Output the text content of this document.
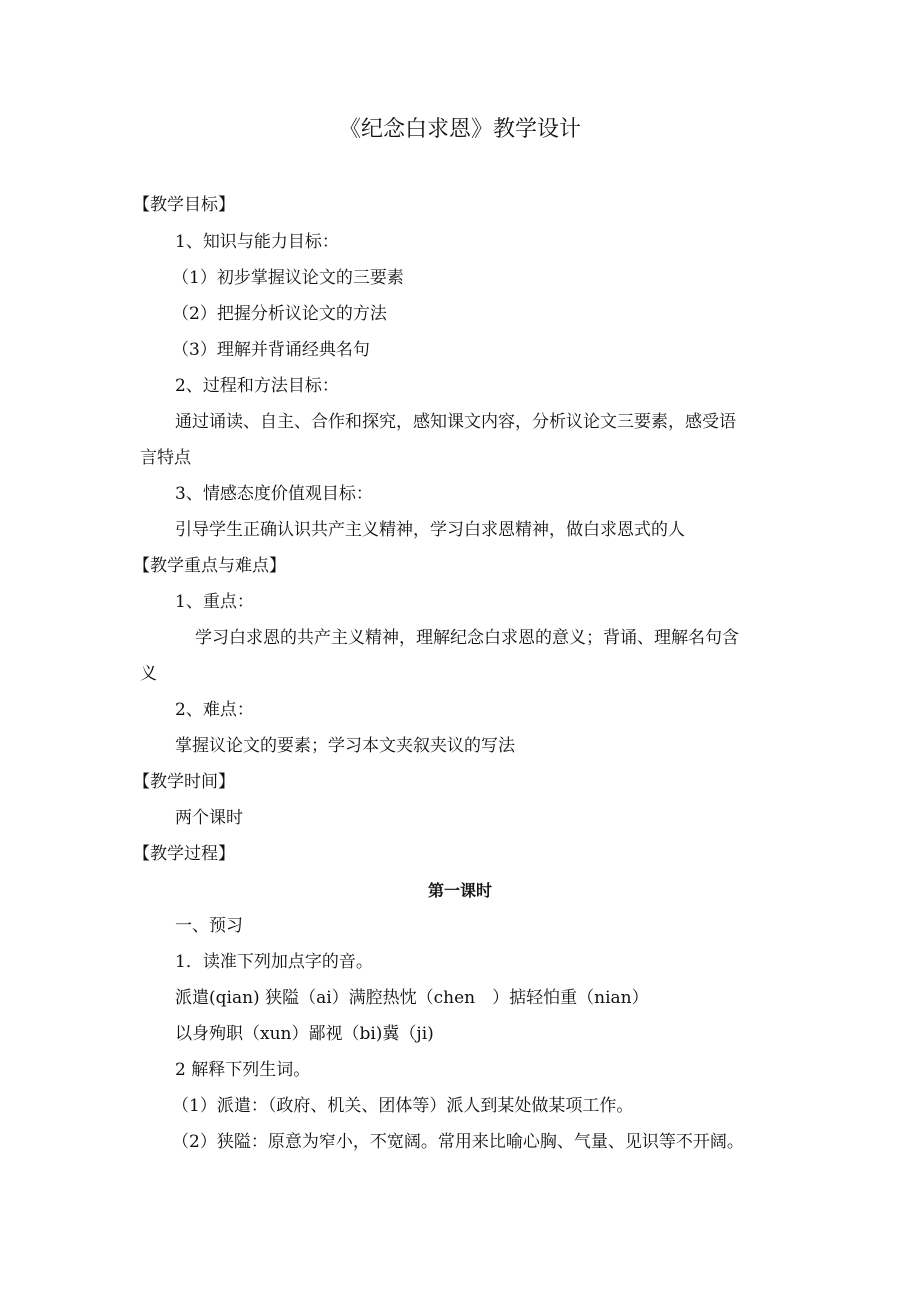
《纪念白求恩》教学设计
【教学目标】
1、知识与能力目标：
（1）初步掌握议论文的三要素
（2）把握分析议论文的方法
（3）理解并背诵经典名句
2、过程和方法目标：
通过诵读、自主、合作和探究，感知课文内容，分析议论文三要素，感受语
言特点
3、情感态度价值观目标：
引导学生正确认识共产主义精神，学习白求恩精神，做白求恩式的人
【教学重点与难点】
1、重点：
学习白求恩的共产主义精神，理解纪念白求恩的意义；背诵、理解名句含
义
2、难点：
掌握议论文的要素；学习本文夹叙夹议的写法
【教学时间】
两个课时
【教学过程】
第一课时
一、预习
1．读准下列加点字的音。
派遣(qian) 狭隘（ai）满腔热忱（chen　）掂轻怕重（nian）
以身殉职（xun）鄙视（bi)冀（ji)
2 解释下列生词。
（1）派遣：（政府、机关、团体等）派人到某处做某项工作。
（2）狭隘：原意为窄小，不宽阔。常用来比喻心胸、气量、见识等不开阔。
